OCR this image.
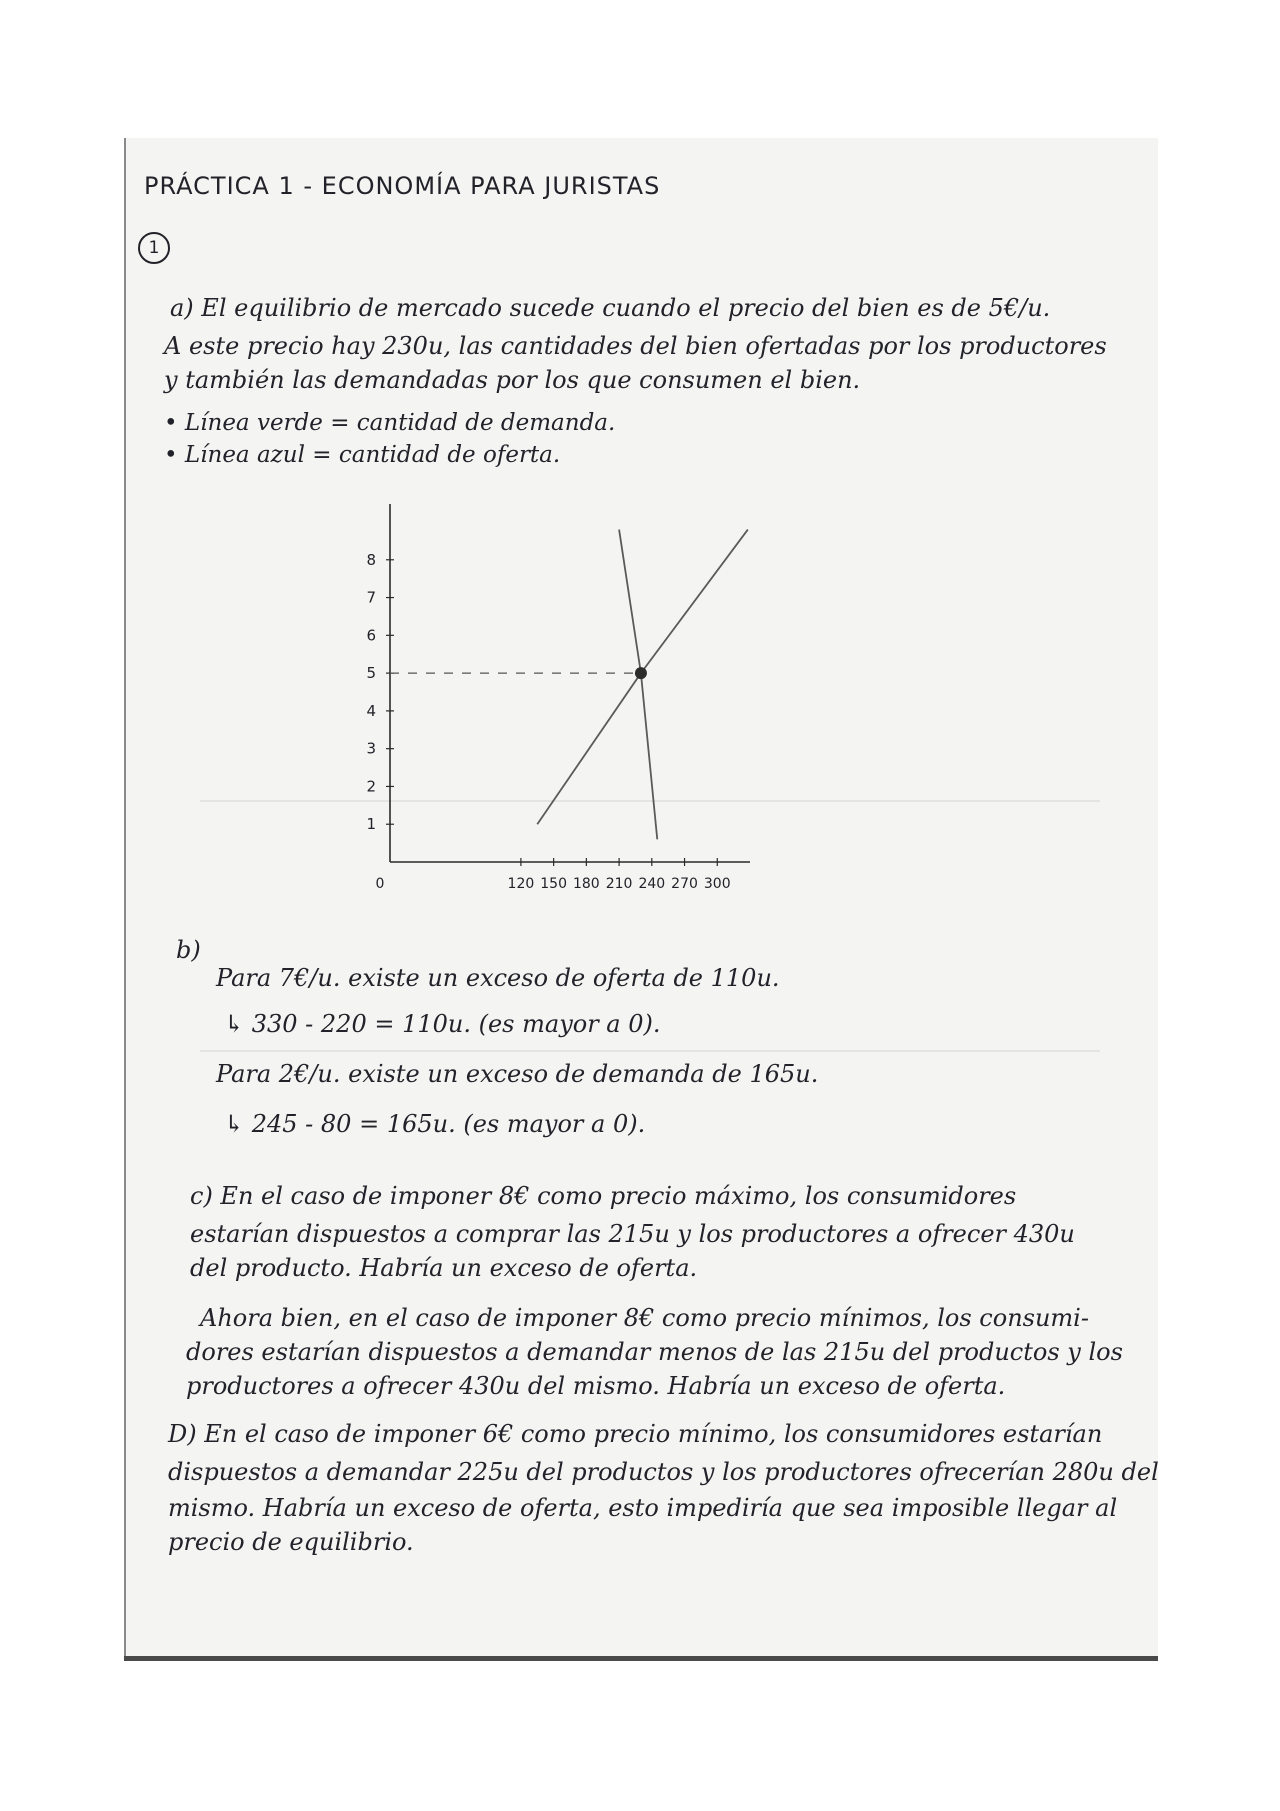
PRÁCTICA 1 - ECONOMÍA PARA JURISTAS
1
a) El equilibrio de mercado sucede cuando el precio del bien es de 5€/u.
A este precio hay 230u, las cantidades del bien ofertadas por los productores
y también las demandadas por los que consumen el bien.
• Línea verde = cantidad de demanda.
• Línea azul = cantidad de oferta.
1
2
3
4
5
6
7
8
0	120 150 180 210 240 270 300
b)
Para 7€/u. existe un exceso de oferta de 110u.
↳ 330 - 220 = 110u. (es mayor a 0).
Para 2€/u. existe un exceso de demanda de 165u.
↳ 245 - 80 = 165u. (es mayor a 0).
c) En el caso de imponer 8€ como precio máximo, los consumidores
estarían dispuestos a comprar las 215u y los productores a ofrecer 430u
del producto. Habría un exceso de oferta.
Ahora bien, en el caso de imponer 8€ como precio mínimos, los consumi-
dores estarían dispuestos a demandar menos de las 215u del productos y los
productores a ofrecer 430u del mismo. Habría un exceso de oferta.
D) En el caso de imponer 6€ como precio mínimo, los consumidores estarían
dispuestos a demandar 225u del productos y los productores ofrecerían 280u del
mismo. Habría un exceso de oferta, esto impediría que sea imposible llegar al
precio de equilibrio.
